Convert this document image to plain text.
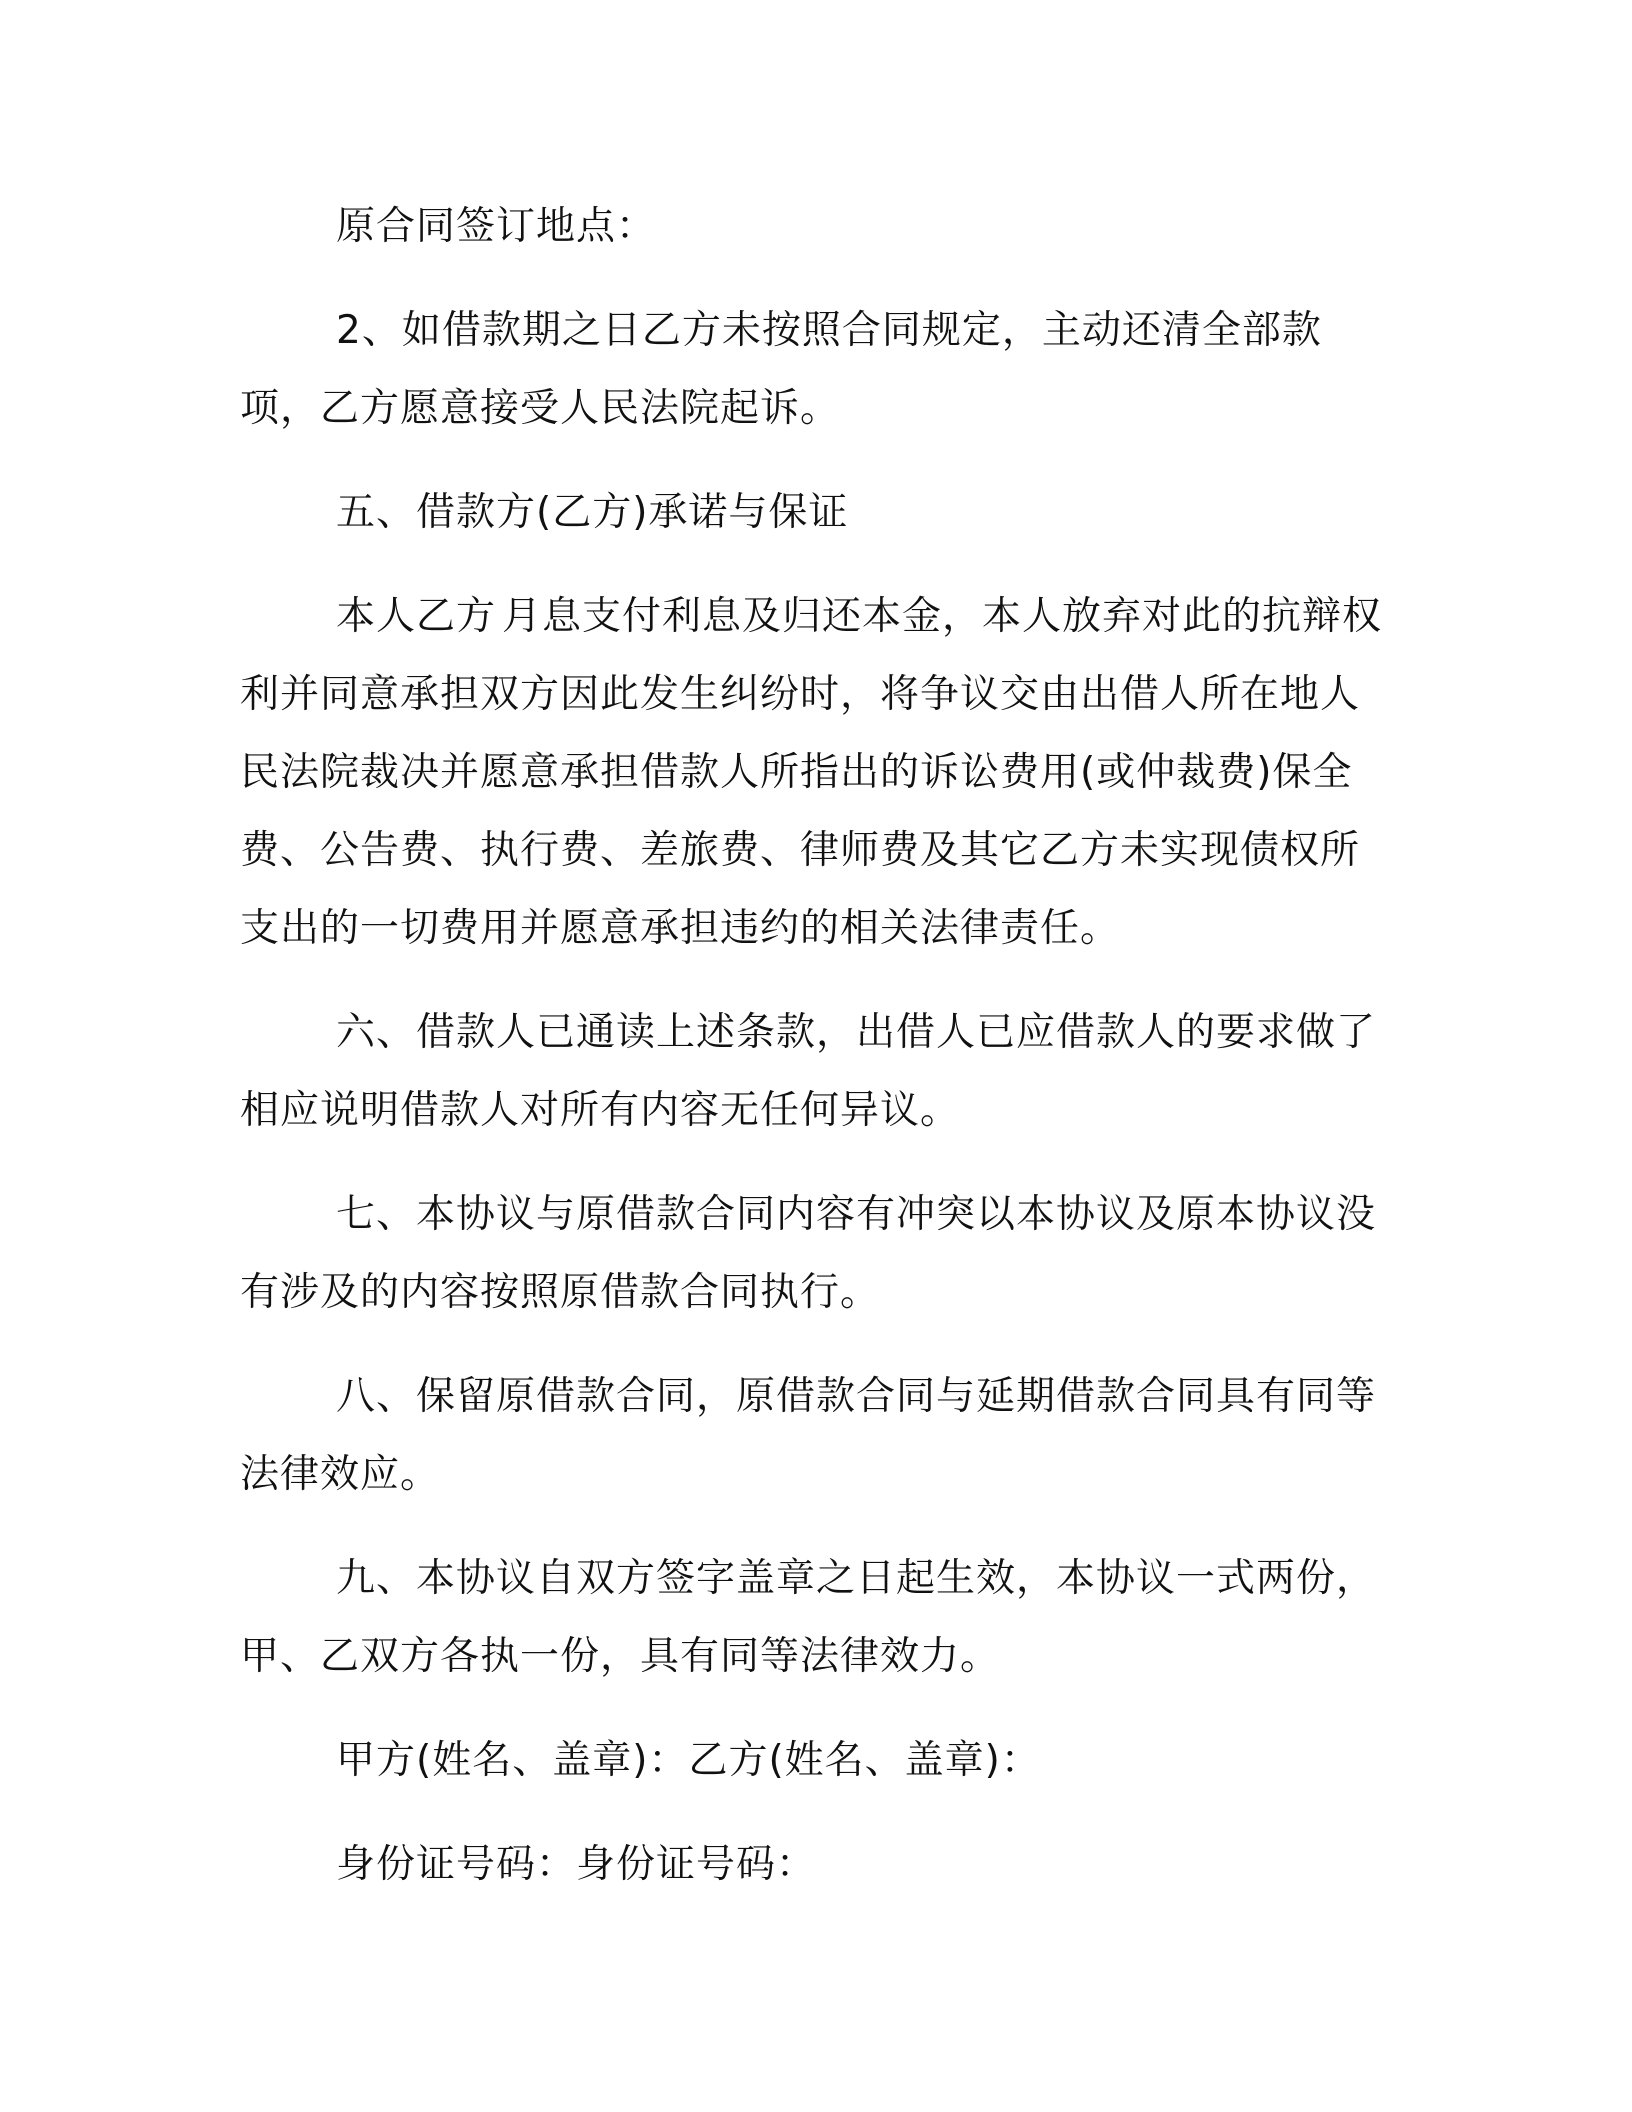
原合同签订地点：

2、如借款期之日乙方未按照合同规定，主动还清全部款项，乙方愿意接受人民法院起诉。

五、借款方(乙方)承诺与保证

本人乙方 月息支付利息及归还本金，本人放弃对此的抗辩权利并同意承担双方因此发生纠纷时，将争议交由出借人所在地人民法院裁决并愿意承担借款人所指出的诉讼费用(或仲裁费)保全费、公告费、执行费、差旅费、律师费及其它乙方未实现债权所支出的一切费用并愿意承担违约的相关法律责任。

六、借款人已通读上述条款，出借人已应借款人的要求做了相应说明借款人对所有内容无任何异议。

七、本协议与原借款合同内容有冲突以本协议及原本协议没有涉及的内容按照原借款合同执行。

八、保留原借款合同，原借款合同与延期借款合同具有同等法律效应。

九、本协议自双方签字盖章之日起生效，本协议一式两份，甲、乙双方各执一份，具有同等法律效力。

甲方(姓名、盖章)：乙方(姓名、盖章)：

身份证号码：身份证号码：
